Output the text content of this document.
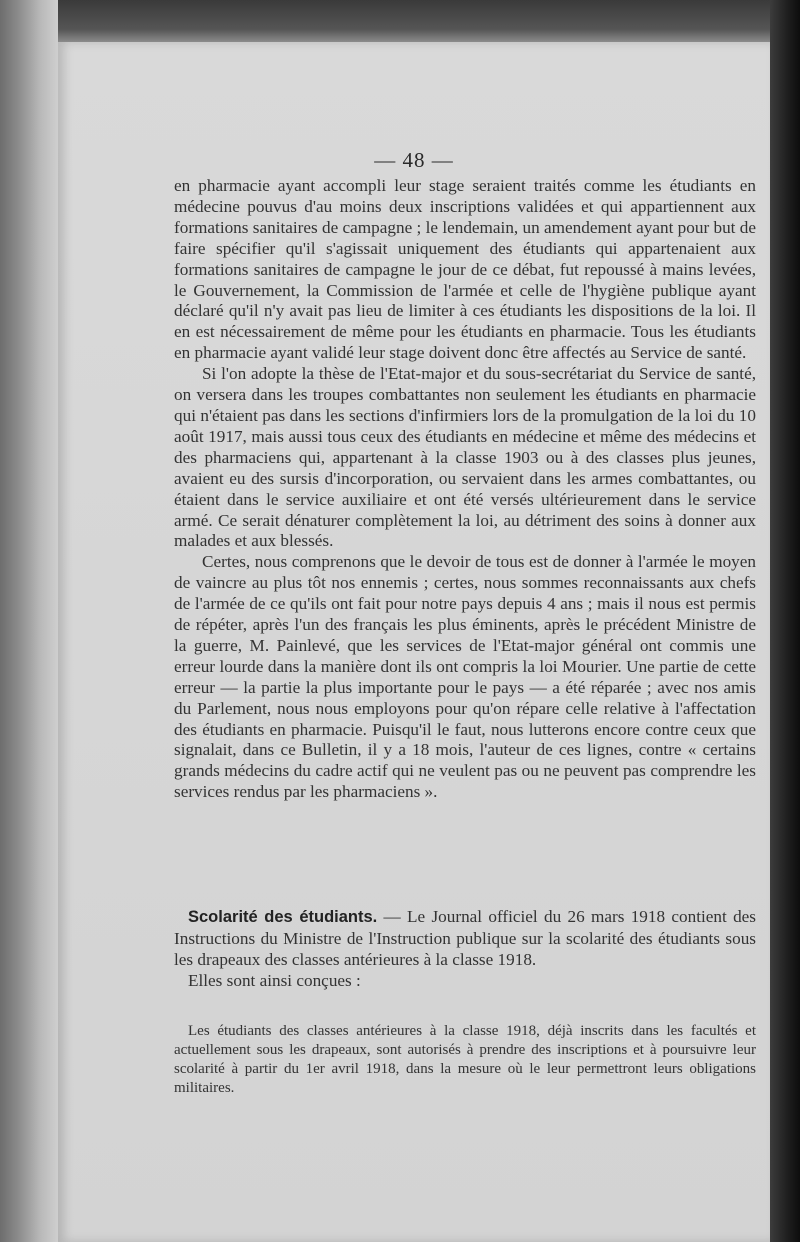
— 48 —

en pharmacie ayant accompli leur stage seraient traités comme les étudiants en médecine pouvus d'au moins deux inscriptions validées et qui appartiennent aux formations sanitaires de campagne ; le lendemain, un amendement ayant pour but de faire spécifier qu'il s'agissait uniquement des étudiants qui appartenaient aux formations sanitaires de campagne le jour de ce débat, fut repoussé à mains levées, le Gouvernement, la Commission de l'armée et celle de l'hygiène publique ayant déclaré qu'il n'y avait pas lieu de limiter à ces étudiants les dispositions de la loi. Il en est nécessairement de même pour les étudiants en pharmacie. Tous les étudiants en pharmacie ayant validé leur stage doivent donc être affectés au Service de santé.

Si l'on adopte la thèse de l'Etat-major et du sous-secrétariat du Service de santé, on versera dans les troupes combattantes non seulement les étudiants en pharmacie qui n'étaient pas dans les sections d'infirmiers lors de la promulgation de la loi du 10 août 1917, mais aussi tous ceux des étudiants en médecine et même des médecins et des pharmaciens qui, appartenant à la classe 1903 ou à des classes plus jeunes, avaient eu des sursis d'incorporation, ou servaient dans les armes combattantes, ou étaient dans le service auxiliaire et ont été versés ultérieurement dans le service armé. Ce serait dénaturer complètement la loi, au détriment des soins à donner aux malades et aux blessés.

Certes, nous comprenons que le devoir de tous est de donner à l'armée le moyen de vaincre au plus tôt nos ennemis ; certes, nous sommes reconnaissants aux chefs de l'armée de ce qu'ils ont fait pour notre pays depuis 4 ans ; mais il nous est permis de répéter, après l'un des français les plus éminents, après le précédent Ministre de la guerre, M. Painlevé, que les services de l'Etat-major général ont commis une erreur lourde dans la manière dont ils ont compris la loi Mourier. Une partie de cette erreur — la partie la plus importante pour le pays — a été réparée ; avec nos amis du Parlement, nous nous employons pour qu'on répare celle relative à l'affectation des étudiants en pharmacie. Puisqu'il le faut, nous lutterons encore contre ceux que signalait, dans ce Bulletin, il y a 18 mois, l'auteur de ces lignes, contre « certains grands médecins du cadre actif qui ne veulent pas ou ne peuvent pas comprendre les services rendus par les pharmaciens ».

Scolarité des étudiants. — Le Journal officiel du 26 mars 1918 contient des Instructions du Ministre de l'Instruction publique sur la scolarité des étudiants sous les drapeaux des classes antérieures à la classe 1918.

Elles sont ainsi conçues :

Les étudiants des classes antérieures à la classe 1918, déjà inscrits dans les facultés et actuellement sous les drapeaux, sont autorisés à prendre des inscriptions et à poursuivre leur scolarité à partir du 1er avril 1918, dans la mesure où le leur permettront leurs obligations militaires.
